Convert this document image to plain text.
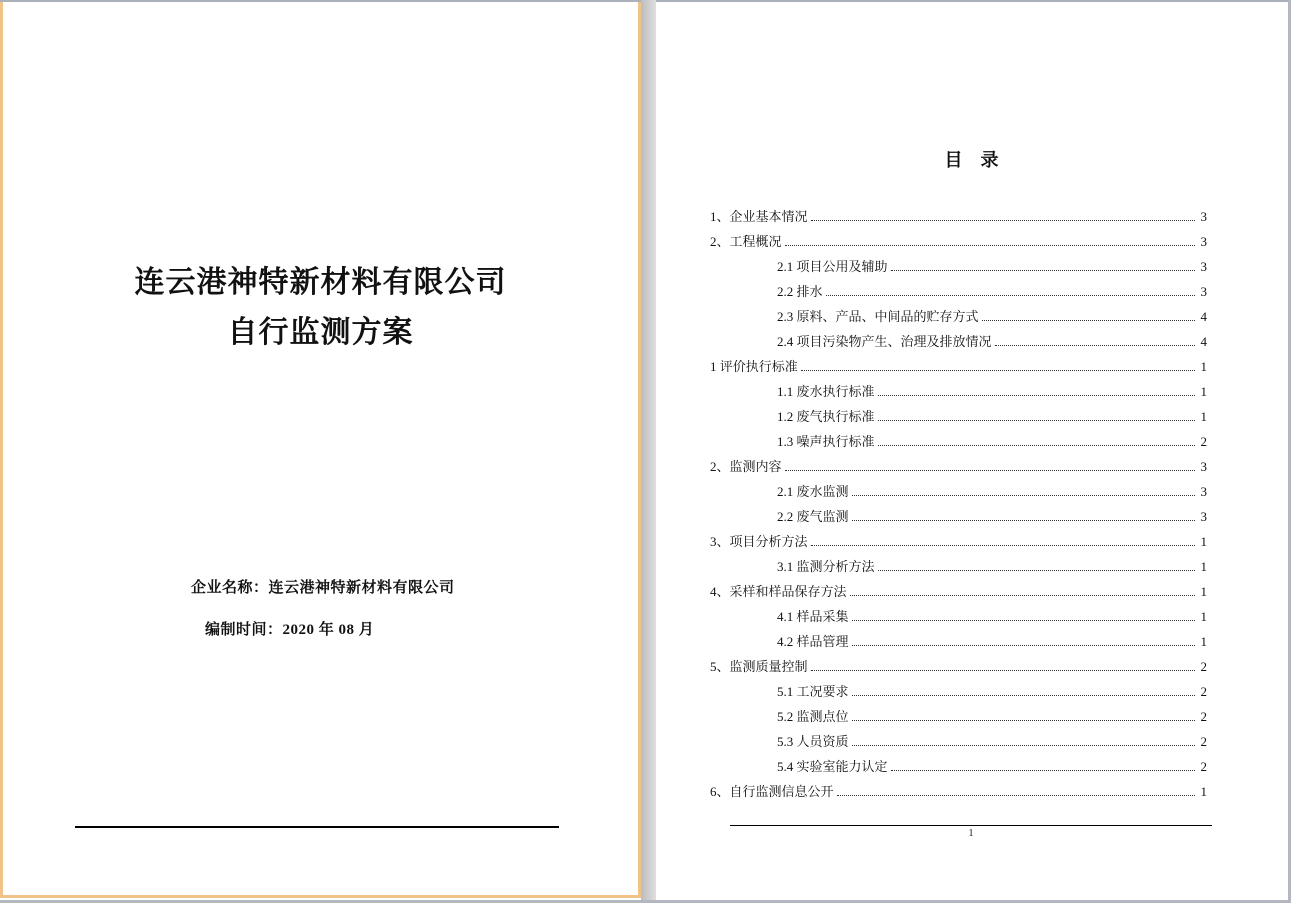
连云港神特新材料有限公司
自行监测方案
企业名称：连云港神特新材料有限公司
编制时间：2020 年 08 月
目　录
1、企业基本情况	3
2、工程概况	3
2.1 项目公用及辅助	3
2.2 排水	3
2.3 原料、产品、中间品的贮存方式	4
2.4 项目污染物产生、治理及排放情况	4
1 评价执行标准	1
1.1 废水执行标准	1
1.2 废气执行标准	1
1.3 噪声执行标准	2
2、监测内容	3
2.1 废水监测	3
2.2 废气监测	3
3、项目分析方法	1
3.1 监测分析方法	1
4、采样和样品保存方法	1
4.1 样品采集	1
4.2 样品管理	1
5、监测质量控制	2
5.1 工况要求	2
5.2 监测点位	2
5.3 人员资质	2
5.4 实验室能力认定	2
6、自行监测信息公开	1
1
